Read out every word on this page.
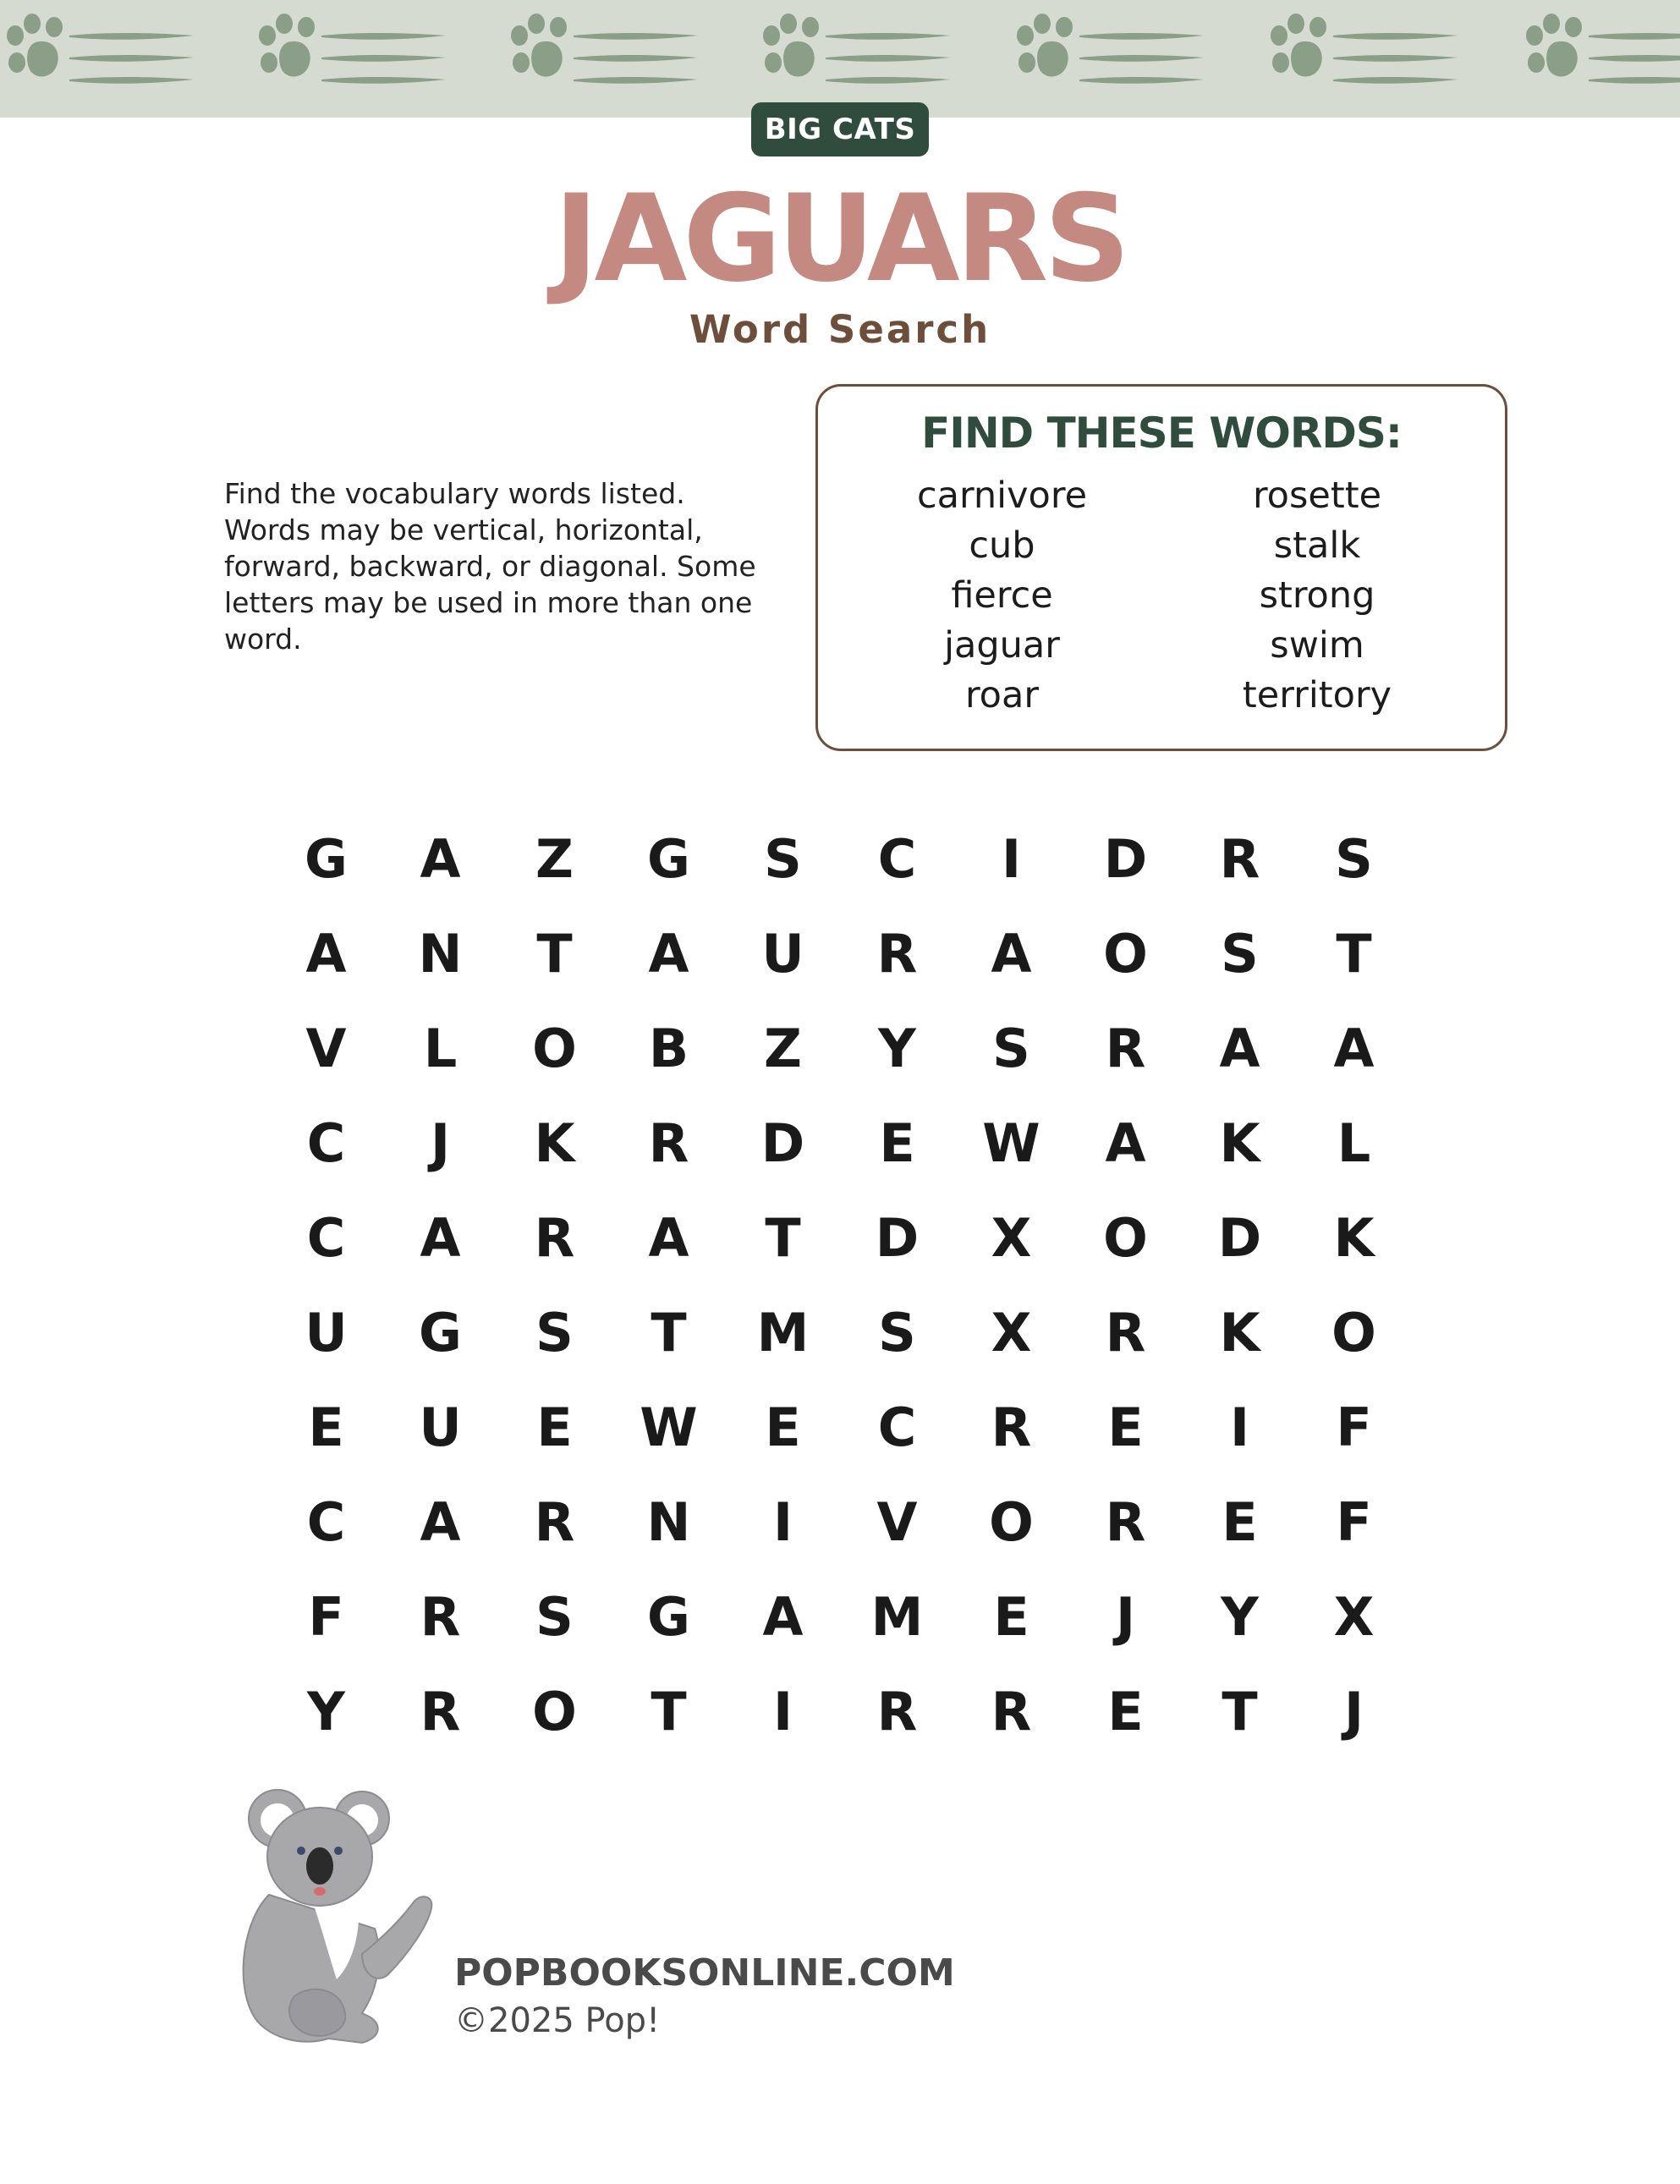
BIG CATS
JAGUARS
Word Search
Find the vocabulary words listed. Words may be vertical, horizontal, forward, backward, or diagonal. Some letters may be used in more than one word.
FIND THESE WORDS:
carnivore
cub
fierce
jaguar
roar
rosette
stalk
strong
swim
territory
G	A	Z	G	S	C	I	D	R	S
A	N	T	A	U	R	A	O	S	T
V	L	O	B	Z	Y	S	R	A	A
C	J	K	R	D	E	W	A	K	L
C	A	R	A	T	D	X	O	D	K
U	G	S	T	M	S	X	R	K	O
E	U	E	W	E	C	R	E	I	F
C	A	R	N	I	V	O	R	E	F
F	R	S	G	A	M	E	J	Y	X
Y	R	O	T	I	R	R	E	T	J
POPBOOKSONLINE.COM
©2025 Pop!
